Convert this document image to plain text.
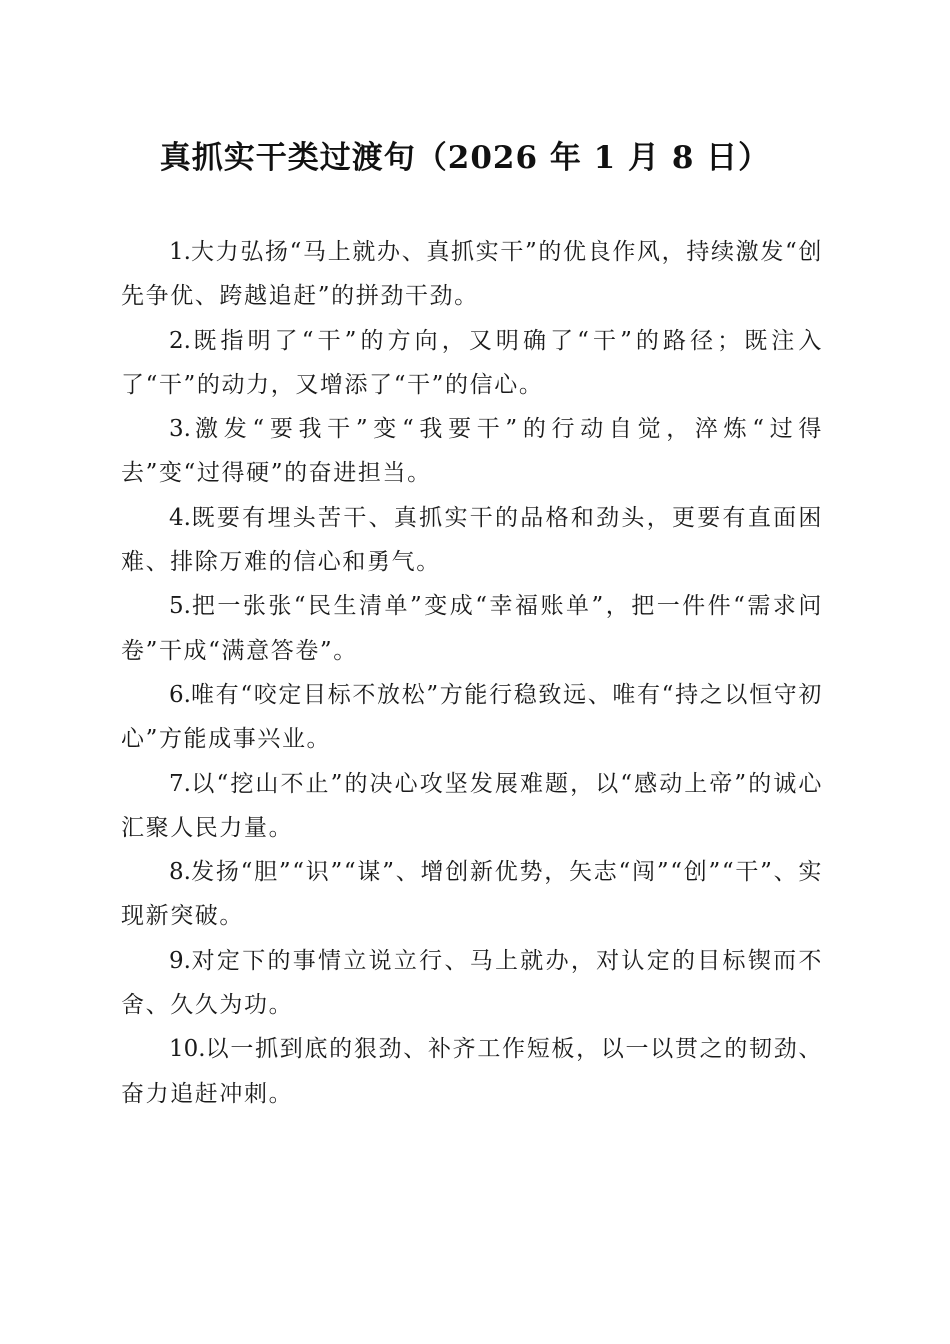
真抓实干类过渡句（2026 年 1 月 8 日）

1.大力弘扬“马上就办、真抓实干”的优良作风，持续激发“创先争优、跨越追赶”的拼劲干劲。

2.既指明了“干”的方向，又明确了“干”的路径；既注入了“干”的动力，又增添了“干”的信心。

3.激发“要我干”变“我要干”的行动自觉，淬炼“过得去”变“过得硬”的奋进担当。

4.既要有埋头苦干、真抓实干的品格和劲头，更要有直面困难、排除万难的信心和勇气。

5.把一张张“民生清单”变成“幸福账单”，把一件件“需求问卷”干成“满意答卷”。

6.唯有“咬定目标不放松”方能行稳致远、唯有“持之以恒守初心”方能成事兴业。

7.以“挖山不止”的决心攻坚发展难题，以“感动上帝”的诚心汇聚人民力量。

8.发扬“胆”“识”“谋”、增创新优势，矢志“闯”“创”“干”、实现新突破。

9.对定下的事情立说立行、马上就办，对认定的目标锲而不舍、久久为功。

10.以一抓到底的狠劲、补齐工作短板，以一以贯之的韧劲、奋力追赶冲刺。
